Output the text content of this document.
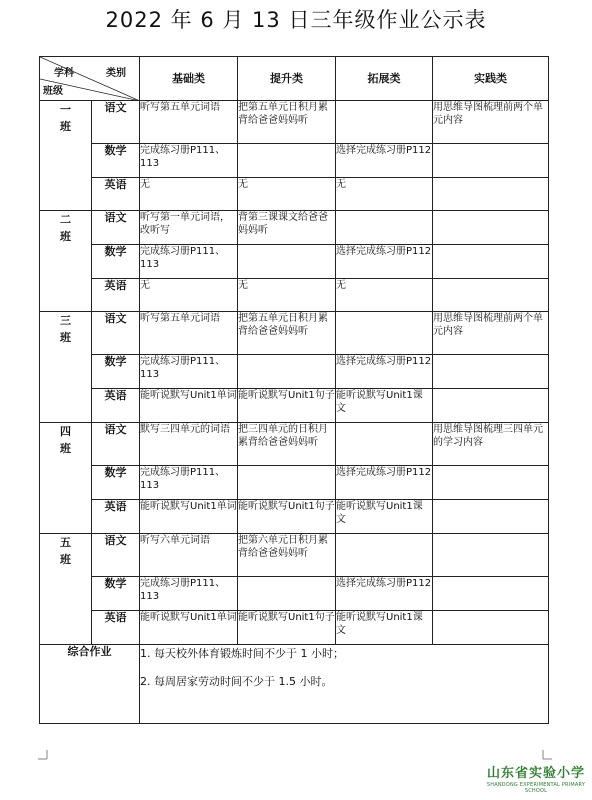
2022 年 6 月 13 日三年级作业公示表
学科 类别
班级		基础类	提升类	拓展类	实践类
一
班	语文	听写第五单元词语	把第五单元日积月累背给爸爸妈妈听		用思维导图梳理前两个单元内容
	数学	完成练习册P111、113		选择完成练习册P112	
	英语	无	无	无	
二
班	语文	听写第一单元词语，改听写	背第三课课文给爸爸妈妈听		
	数学	完成练习册P111、113		选择完成练习册P112	
	英语	无	无	无	
三
班	语文	听写第五单元词语	把第五单元日积月累背给爸爸妈妈听		用思维导图梳理前两个单元内容
	数学	完成练习册P111、113		选择完成练习册P112	
	英语	能听说默写Unit1单词	能听说默写Unit1句子	能听说默写Unit1课文	
四
班	语文	默写三四单元的词语	把三四单元的日积月累背给爸爸妈妈听		用思维导图梳理三四单元的学习内容
	数学	完成练习册P111、113		选择完成练习册P112	
	英语	能听说默写Unit1单词	能听说默写Unit1句子	能听说默写Unit1课文	
五
班	语文	听写六单元词语	把第六单元日积月累背给爸爸妈妈听		
	数学	完成练习册P111、113		选择完成练习册P112	
	英语	能听说默写Unit1单词	能听说默写Unit1句子	能听说默写Unit1课文	
综合作业		1. 每天校外体育锻炼时间不少于 1 小时；
2. 每周居家劳动时间不少于 1.5 小时。			
山东省实验小学
SHANDONG EXPERIMENTAL PRIMARY SCHOOL
